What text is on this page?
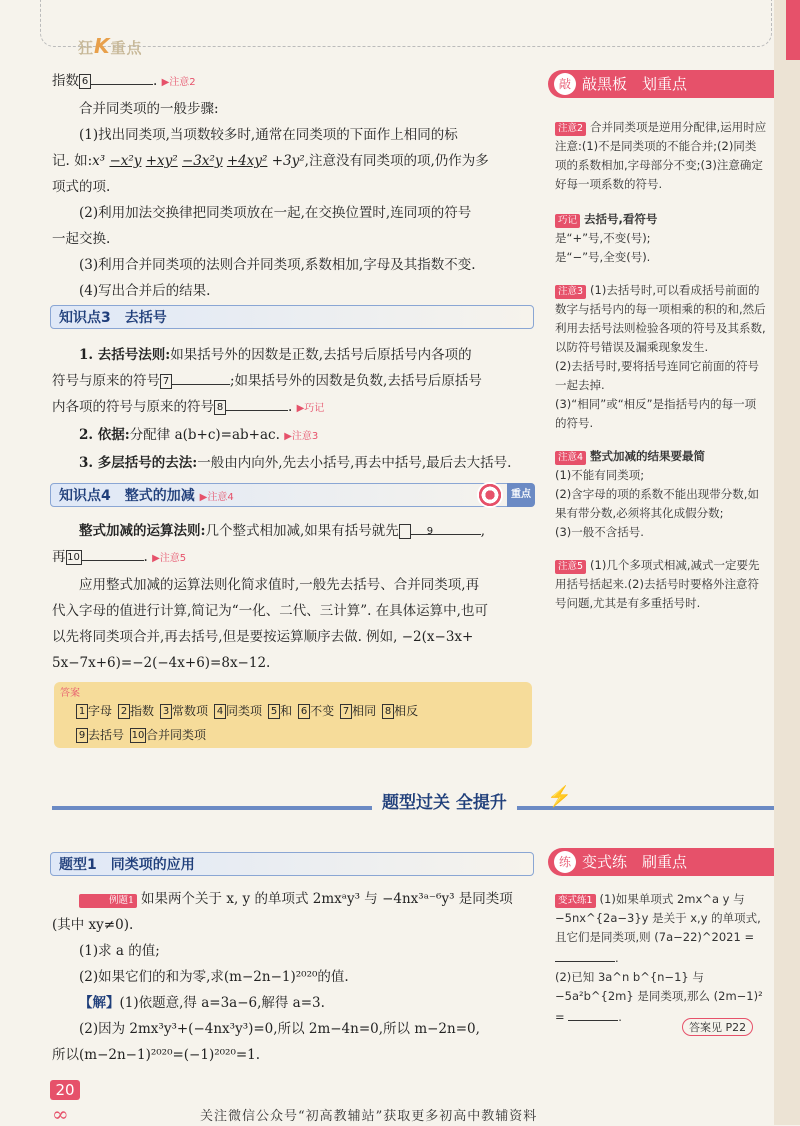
狂K重点

指数 6	. ▶注意2

合并同类项的一般步骤:

(1)找出同类项,当项数较多时,通常在同类项的下面作上相同的标

记. 如:x³ −x²y +xy² −3x²y +4xy² +3y²,注意没有同类项的项,仍作为多

项式的项.

(2)利用加法交换律把同类项放在一起,在交换位置时,连同项的符号

一起交换.

(3)利用合并同类项的法则合并同类项,系数相加,字母及其指数不变.

(4)写出合并后的结果.

知识点3　去括号

1. 去括号法则:如果括号外的因数是正数,去括号后原括号内各项的

符号与原来的符号 7	;如果括号外的因数是负数,去括号后原括号

内各项的符号与原来的符号 8	. ▶巧记

2. 依据:分配律 a(b+c)=ab+ac. ▶注意3

3. 多层括号的去法:一般由内向外,先去小括号,再去中括号,最后去大括号.

知识点4　整式的加减 ▶注意4	重点

整式加减的运算法则:几个整式相加减,如果有括号就先	9	,

再 10	. ▶注意5

应用整式加减的运算法则化简求值时,一般先去括号、合并同类项,再

代入字母的值进行计算,简记为“一化、二代、三计算”. 在具体运算中,也可

以先将同类项合并,再去括号,但是要按运算顺序去做. 例如, −2(x−3x+

5x−7x+6)=−2(−4x+6)=8x−12.

答案
1 字母 2 指数 3 常数项 4 同类项 5 和 6 不变 7 相同 8 相反
9 去括号 10 合并同类项
敲 敲黑板　划重点

注意2 合并同类项是逆用分配律,运用时应注意:(1)不是同类项的不能合并;(2)同类项的系数相加,字母部分不变;(3)注意确定好每一项系数的符号.

巧记 去括号,看符号

是“+”号,不变(号);

是“−”号,全变(号).

注意3 (1)去括号时,可以看成括号前面的数字与括号内的每一项相乘的积的和,然后利用去括号法则检验各项的符号及其系数,以防符号错误及漏乘现象发生.

(2)去括号时,要将括号连同它前面的符号一起去掉.

(3)“相同”或“相反”是指括号内的每一项的符号.

注意4 整式加减的结果要最简

(1)不能有同类项;

(2)含字母的项的系数不能出现带分数,如果有带分数,必须将其化成假分数;

(3)一般不含括号.

注意5 (1)几个多项式相减,减式一定要先用括号括起来.(2)去括号时要格外注意符号问题,尤其是有多重括号时.

题型过关 全提升	⚡
题型1　同类项的应用

例题1 如果两个关于 x, y 的单项式 2mxᵃy³ 与 −4nx³ᵃ⁻⁶y³ 是同类项

(其中 xy≠0).

(1)求 a 的值;

(2)如果它们的和为零,求(m−2n−1)²⁰²⁰的值.

【解】(1)依题意,得 a=3a−6,解得 a=3.

(2)因为 2mx³y³+(−4nx³y³)=0,所以 2m−4n=0,所以 m−2n=0,

所以(m−2n−1)²⁰²⁰=(−1)²⁰²⁰=1.

练 变式练　刷重点

变式练1 (1)如果单项式 2mx^a y 与 −5nx^{2a−3}y 是关于 x,y 的单项式,且它们是同类项,则 (7a−22)^2021 =

.

(2)已知 3a^n b^{n−1} 与 −5a²b^{2m} 是同类项,那么 (2m−1)² =	.

答案见 P22
20
∞	关注微信公众号“初高教辅站”获取更多初高中教辅资料
